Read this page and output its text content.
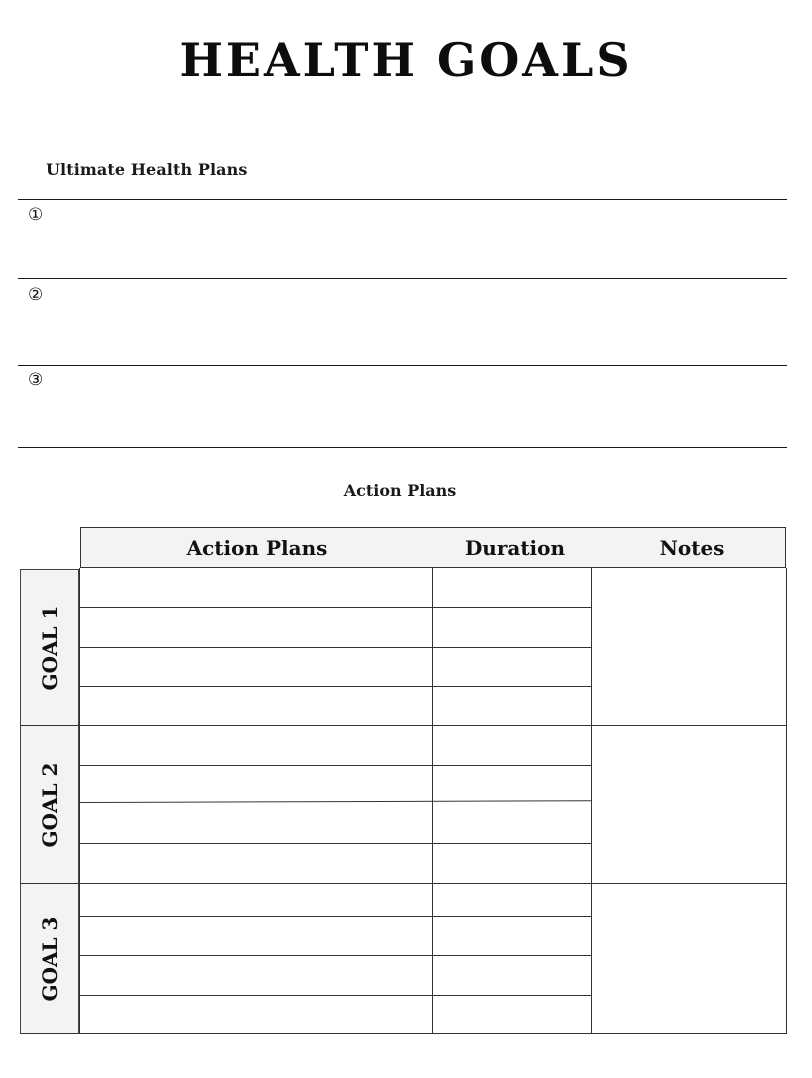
HEALTH GOALS
Ultimate Health Plans
①
②
③
Action Plans
Action Plans	Duration	Notes
GOAL 1
GOAL 2
GOAL 3
